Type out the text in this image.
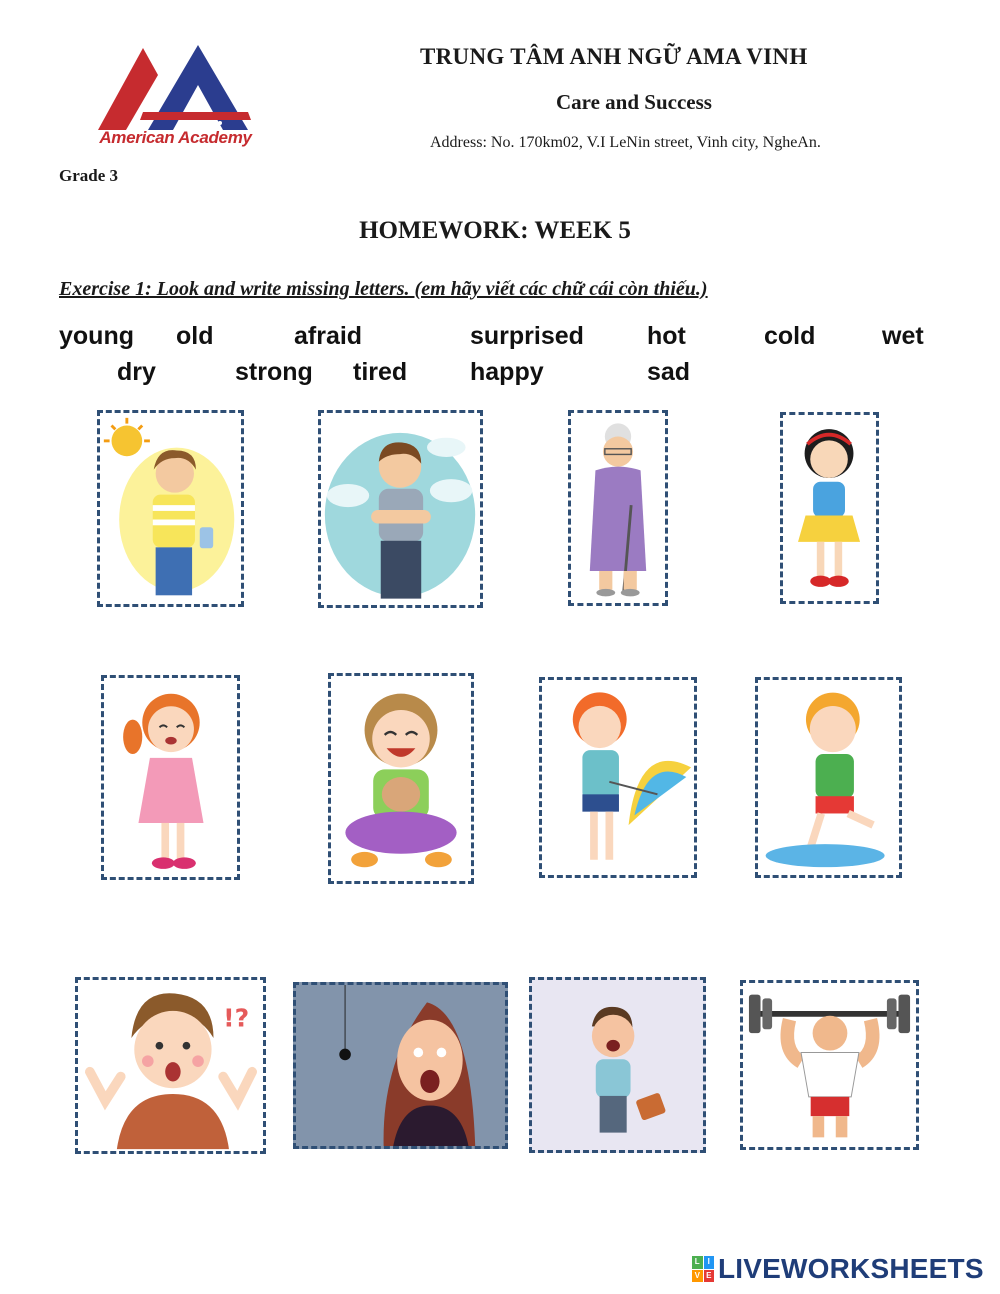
American Academy
TRUNG TÂM ANH NGỮ AMA VINH
Care and Success
Address: No. 170km02, V.I LeNin street, Vinh city, NgheAn.
Grade 3
HOMEWORK: WEEK 5
Exercise 1: Look and write missing letters. (em hãy viết các chữ cái còn thiếu.)
young old	afraid	surprised	hot	cold	wet
dry	strong tired	happy	sad
!?
L I
V E LIVEWORKSHEETS
